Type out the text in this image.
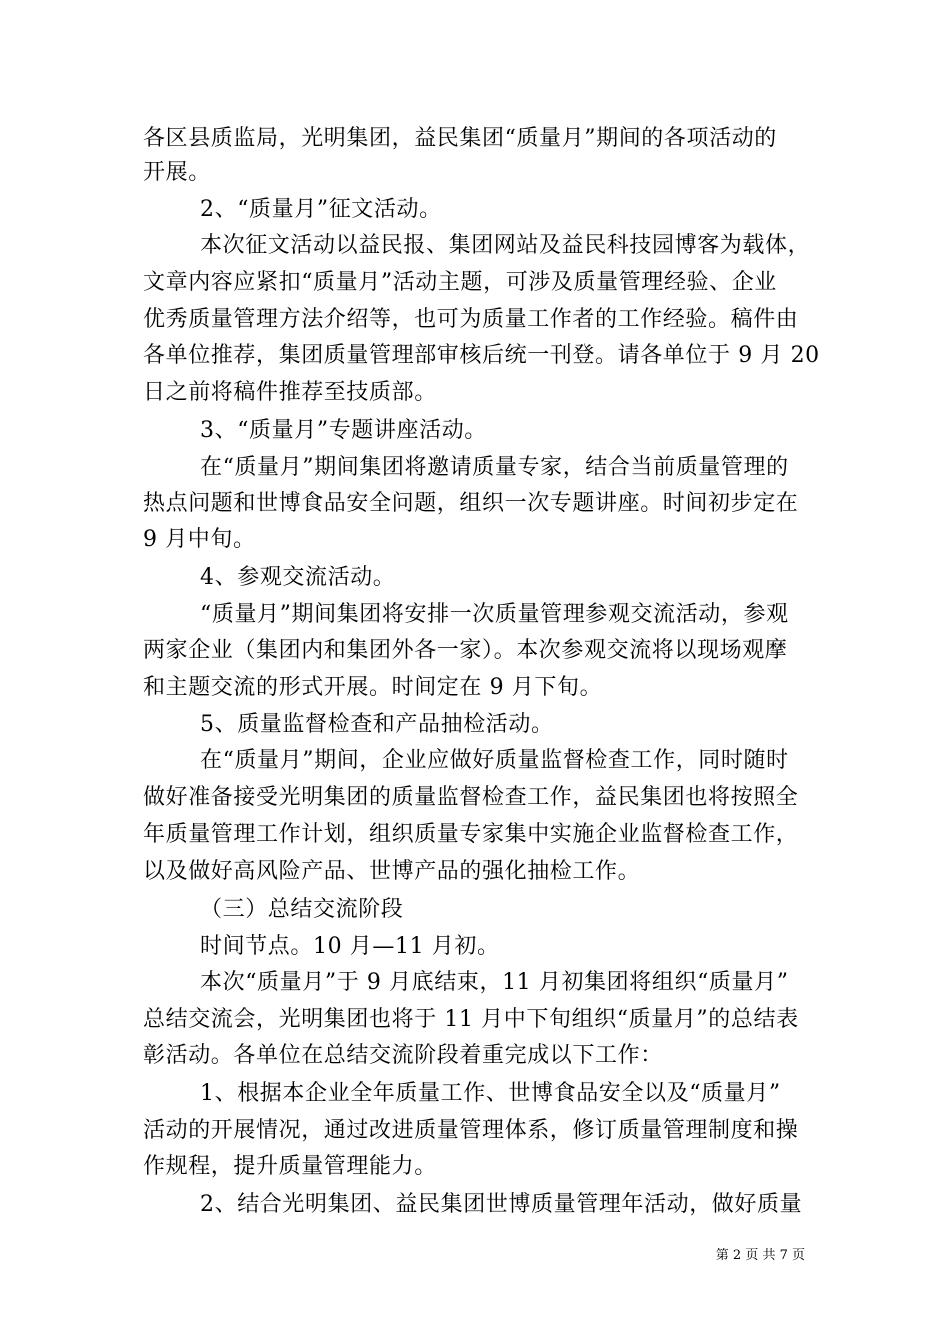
各区县质监局，光明集团，益民集团“质量月”期间的各项活动的
开展。
2、“质量月”征文活动。
本次征文活动以益民报、集团网站及益民科技园博客为载体，
文章内容应紧扣“质量月”活动主题，可涉及质量管理经验、企业
优秀质量管理方法介绍等，也可为质量工作者的工作经验。稿件由
各单位推荐，集团质量管理部审核后统一刊登。请各单位于 9 月 20
日之前将稿件推荐至技质部。
3、“质量月”专题讲座活动。
在“质量月”期间集团将邀请质量专家，结合当前质量管理的
热点问题和世博食品安全问题，组织一次专题讲座。时间初步定在
9 月中旬。
4、参观交流活动。
“质量月”期间集团将安排一次质量管理参观交流活动，参观
两家企业（集团内和集团外各一家）。本次参观交流将以现场观摩
和主题交流的形式开展。时间定在 9 月下旬。
5、质量监督检查和产品抽检活动。
在“质量月”期间，企业应做好质量监督检查工作，同时随时
做好准备接受光明集团的质量监督检查工作，益民集团也将按照全
年质量管理工作计划，组织质量专家集中实施企业监督检查工作，
以及做好高风险产品、世博产品的强化抽检工作。
（三）总结交流阶段
时间节点。10 月—11 月初。
本次“质量月”于 9 月底结束，11 月初集团将组织“质量月”
总结交流会，光明集团也将于 11 月中下旬组织“质量月”的总结表
彰活动。各单位在总结交流阶段着重完成以下工作：
1、根据本企业全年质量工作、世博食品安全以及“质量月”
活动的开展情况，通过改进质量管理体系，修订质量管理制度和操
作规程，提升质量管理能力。
2、结合光明集团、益民集团世博质量管理年活动，做好质量
第 2 页 共 7 页
